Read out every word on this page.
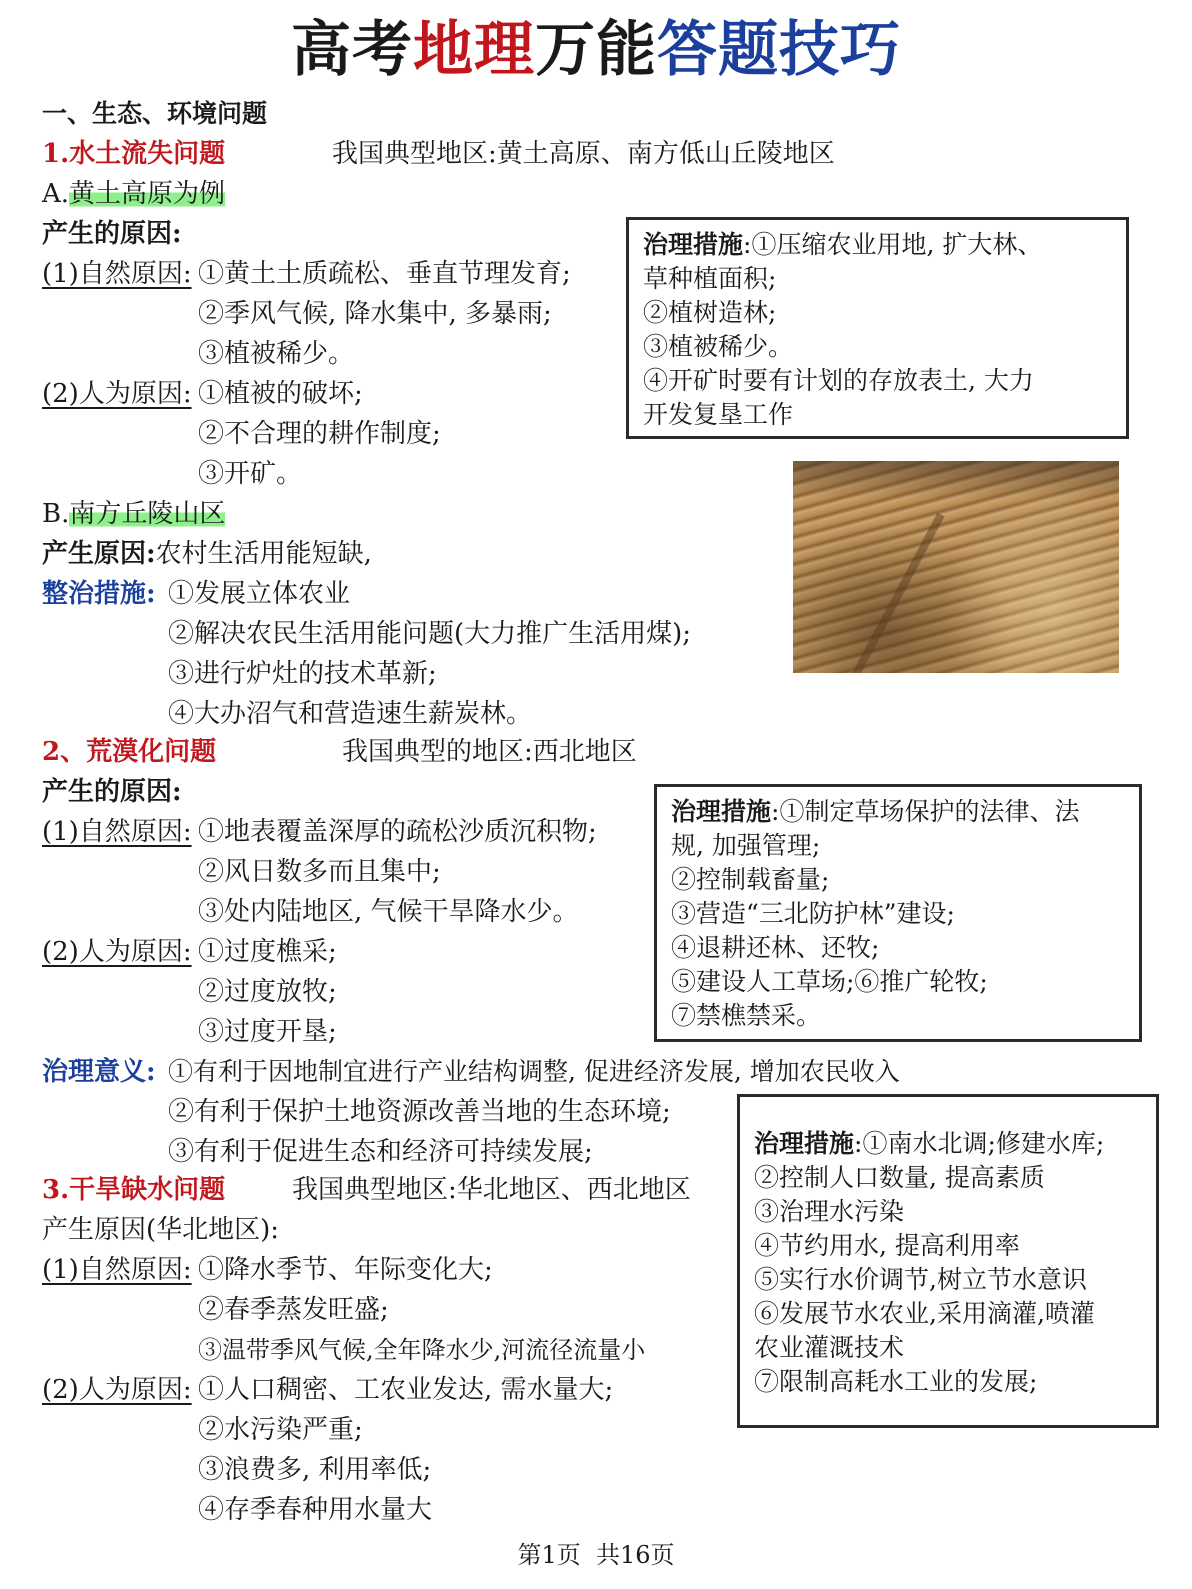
高考地理万能答题技巧
一、生态、环境问题
1.水土流失问题	我国典型地区:黄土高原、南方低山丘陵地区
A.黄土高原为例
产生的原因:
(1)自然原因: ①黄土土质疏松、垂直节理发育;
②季风气候, 降水集中, 多暴雨;
③植被稀少。
(2)人为原因: ①植被的破坏;
②不合理的耕作制度;
③开矿。
治理措施:①压缩农业用地, 扩大林、
草种植面积;
②植树造林;
③植被稀少。
④开矿时要有计划的存放表土, 大力
开发复垦工作
B.南方丘陵山区
产生原因:农村生活用能短缺,
整治措施: ①发展立体农业
②解决农民生活用能问题(大力推广生活用煤);
③进行炉灶的技术革新;
④大办沼气和营造速生薪炭林。
2、荒漠化问题	我国典型的地区:西北地区
产生的原因:
(1)自然原因: ①地表覆盖深厚的疏松沙质沉积物;
②风日数多而且集中;
③处内陆地区, 气候干旱降水少。
(2)人为原因: ①过度樵采;
②过度放牧;
③过度开垦;
治理措施:①制定草场保护的法律、法
规, 加强管理;
②控制载畜量;
③营造“三北防护林”建设;
④退耕还林、还牧;
⑤建设人工草场;⑥推广轮牧;
⑦禁樵禁采。
治理意义: ①有利于因地制宜进行产业结构调整, 促进经济发展, 增加农民收入
②有利于保护土地资源改善当地的生态环境;
③有利于促进生态和经济可持续发展;
3.干旱缺水问题	我国典型地区:华北地区、西北地区
产生原因(华北地区):
(1)自然原因: ①降水季节、年际变化大;
②春季蒸发旺盛;
③温带季风气候,全年降水少,河流径流量小
(2)人为原因: ①人口稠密、工农业发达, 需水量大;
②水污染严重;
③浪费多, 利用率低;
④存季春种用水量大
治理措施:①南水北调;修建水库;
②控制人口数量, 提高素质
③治理水污染
④节约用水, 提高利用率
⑤实行水价调节,树立节水意识
⑥发展节水农业,采用滴灌,喷灌
农业灌溉技术
⑦限制高耗水工业的发展;
第1页 共16页
